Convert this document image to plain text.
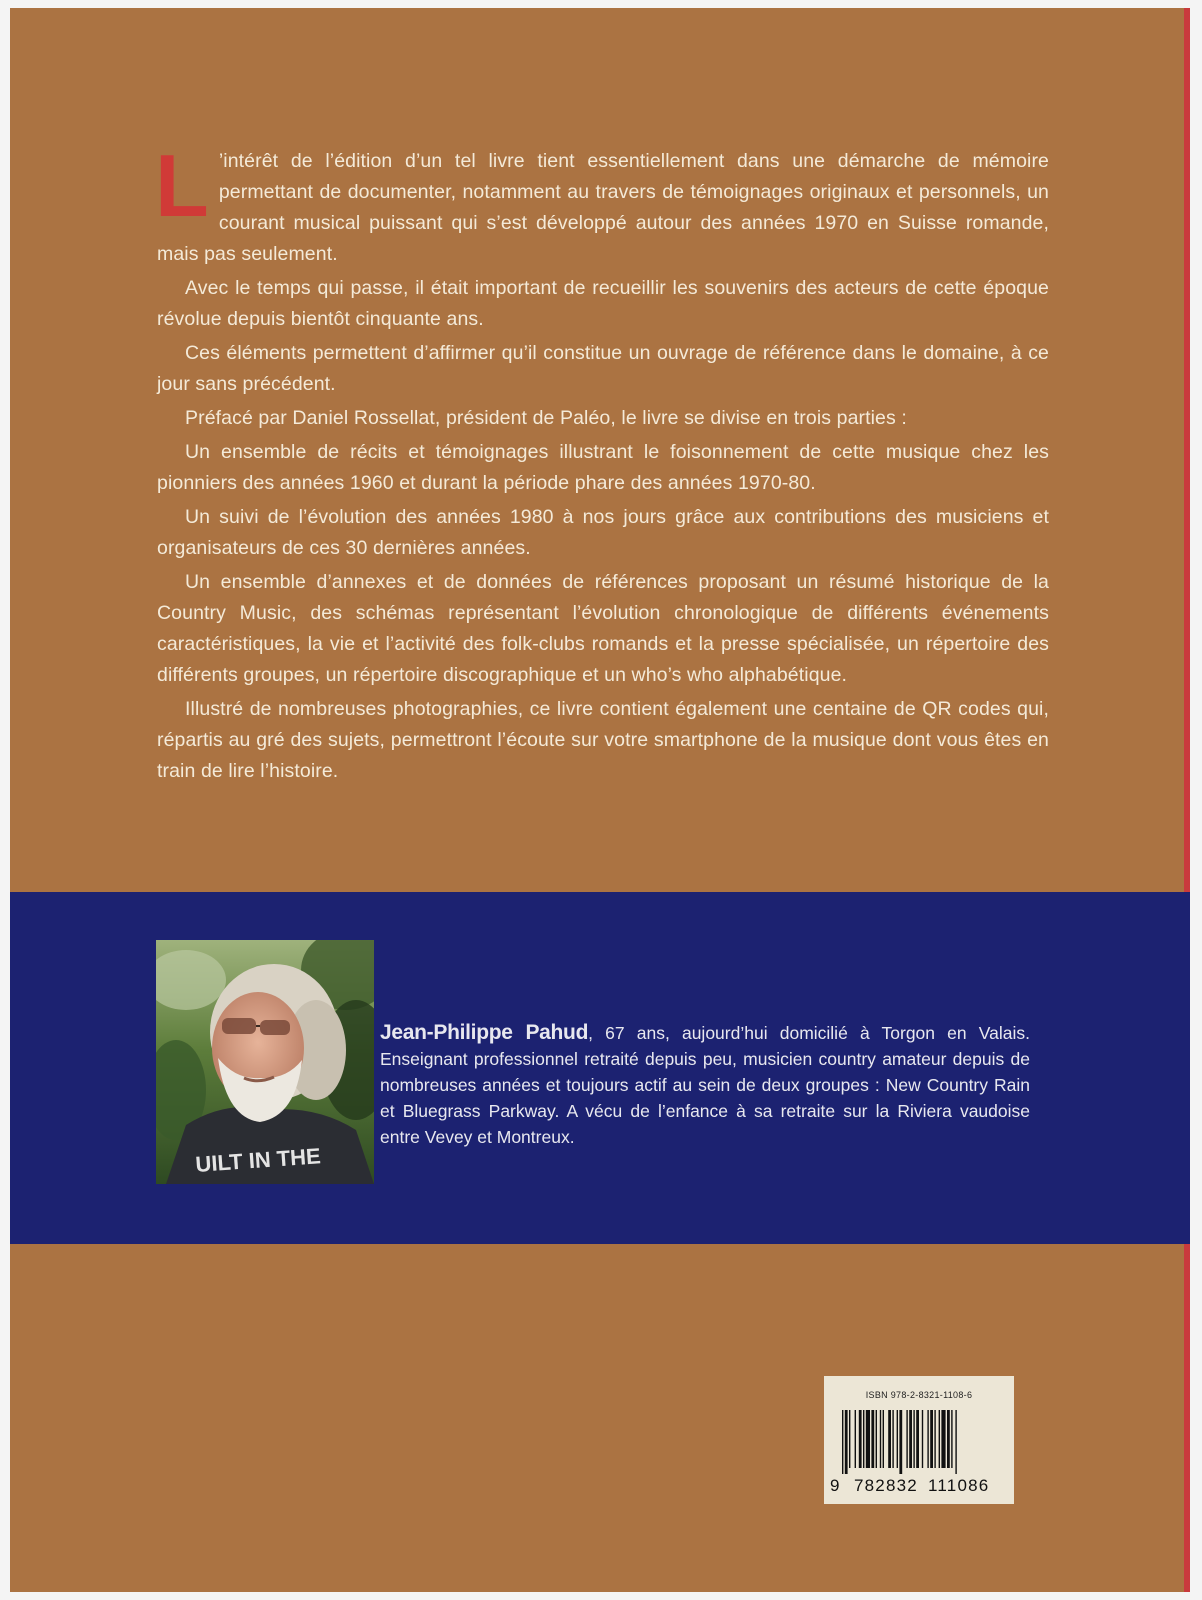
L ’intérêt de l’édition d’un tel livre tient essentiellement dans une démarche de mémoire permettant de documenter, notamment au travers de témoignages originaux et personnels, un courant musical puissant qui s’est développé autour des années 1970 en Suisse romande, mais pas seulement.

Avec le temps qui passe, il était important de recueillir les souvenirs des acteurs de cette époque révolue depuis bientôt cinquante ans.

Ces éléments permettent d’affirmer qu’il constitue un ouvrage de référence dans le domaine, à ce jour sans précédent.

Préfacé par Daniel Rossellat, président de Paléo, le livre se divise en trois parties :

Un ensemble de récits et témoignages illustrant le foisonnement de cette musique chez les pionniers des années 1960 et durant la période phare des années 1970-80.

Un suivi de l’évolution des années 1980 à nos jours grâce aux contributions des musiciens et organisateurs de ces 30 dernières années.

Un ensemble d’annexes et de données de références proposant un résumé historique de la Country Music, des schémas représentant l’évolution chronologique de différents événements caractéristiques, la vie et l’activité des folk-clubs romands et la presse spécialisée, un répertoire des différents groupes, un répertoire discographique et un who’s who alphabétique.

Illustré de nombreuses photographies, ce livre contient également une centaine de QR codes qui, répartis au gré des sujets, permettront l’écoute sur votre smartphone de la musique dont vous êtes en train de lire l’histoire.

UILT IN THE
Jean-Philippe Pahud, 67 ans, aujourd’hui domicilié à Torgon en Valais. Enseignant professionnel retraité depuis peu, musicien country amateur depuis de nombreuses années et toujours actif au sein de deux groupes : New Country Rain et Bluegrass Parkway. A vécu de l’enfance à sa retraite sur la Riviera vaudoise entre Vevey et Montreux.
ISBN 978-2-8321-1108-6
9 782832 111086
